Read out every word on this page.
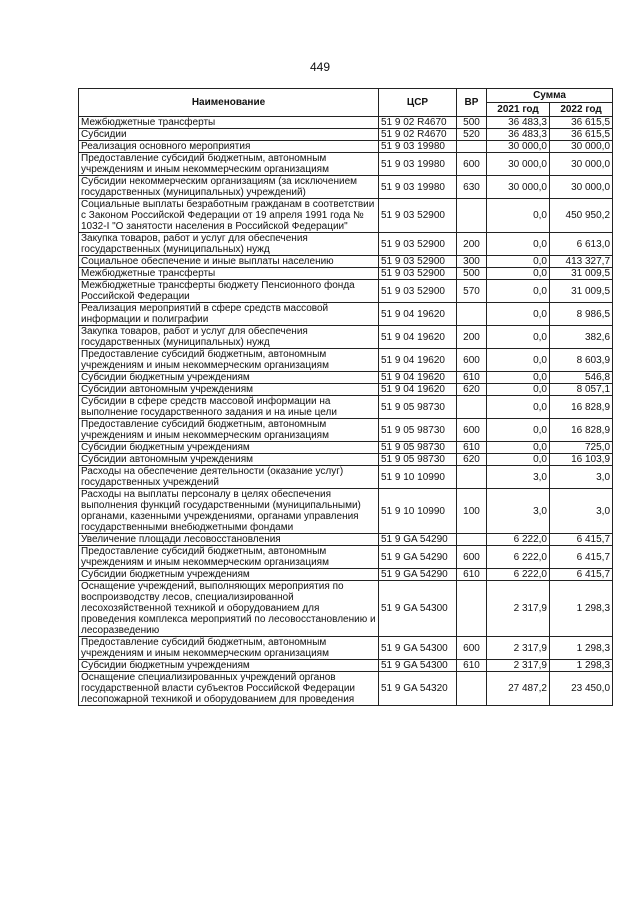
449
Наименование	ЦСР	ВР	Сумма	
			2021 год	2022 год
Межбюджетные трансферты	51 9 02 R4670	500	36 483,3	36 615,5
Субсидии	51 9 02 R4670	520	36 483,3	36 615,5
Реализация основного мероприятия	51 9 03 19980		30 000,0	30 000,0
Предоставление субсидий бюджетным, автономным учреждениям и иным некоммерческим организациям	51 9 03 19980	600	30 000,0	30 000,0
Субсидии некоммерческим организациям (за исключением государственных (муниципальных) учреждений)	51 9 03 19980	630	30 000,0	30 000,0
Социальные выплаты безработным гражданам в соответствии с Законом Российской Федерации от 19 апреля 1991 года № 1032-I "О занятости населения в Российской Федерации"	51 9 03 52900		0,0	450 950,2
Закупка товаров, работ и услуг для обеспечения государственных (муниципальных) нужд	51 9 03 52900	200	0,0	6 613,0
Социальное обеспечение и иные выплаты населению	51 9 03 52900	300	0,0	413 327,7
Межбюджетные трансферты	51 9 03 52900	500	0,0	31 009,5
Межбюджетные трансферты бюджету Пенсионного фонда Российской Федерации	51 9 03 52900	570	0,0	31 009,5
Реализация мероприятий в сфере средств массовой информации и полиграфии	51 9 04 19620		0,0	8 986,5
Закупка товаров, работ и услуг для обеспечения государственных (муниципальных) нужд	51 9 04 19620	200	0,0	382,6
Предоставление субсидий бюджетным, автономным учреждениям и иным некоммерческим организациям	51 9 04 19620	600	0,0	8 603,9
Субсидии бюджетным учреждениям	51 9 04 19620	610	0,0	546,8
Субсидии автономным учреждениям	51 9 04 19620	620	0,0	8 057,1
Субсидии в сфере средств массовой информации на выполнение государственного задания и на иные цели	51 9 05 98730		0,0	16 828,9
Предоставление субсидий бюджетным, автономным учреждениям и иным некоммерческим организациям	51 9 05 98730	600	0,0	16 828,9
Субсидии бюджетным учреждениям	51 9 05 98730	610	0,0	725,0
Субсидии автономным учреждениям	51 9 05 98730	620	0,0	16 103,9
Расходы на обеспечение деятельности (оказание услуг) государственных учреждений	51 9 10 10990		3,0	3,0
Расходы на выплаты персоналу в целях обеспечения выполнения функций государственными (муниципальными) органами, казенными учреждениями, органами управления государственными внебюджетными фондами	51 9 10 10990	100	3,0	3,0
Увеличение площади лесовосстановления	51 9 GA 54290		6 222,0	6 415,7
Предоставление субсидий бюджетным, автономным учреждениям и иным некоммерческим организациям	51 9 GA 54290	600	6 222,0	6 415,7
Субсидии бюджетным учреждениям	51 9 GA 54290	610	6 222,0	6 415,7
Оснащение учреждений, выполняющих мероприятия по воспроизводству лесов, специализированной лесохозяйственной техникой и оборудованием для проведения комплекса мероприятий по лесовосстановлению и лесоразведению	51 9 GA 54300		2 317,9	1 298,3
Предоставление субсидий бюджетным, автономным учреждениям и иным некоммерческим организациям	51 9 GA 54300	600	2 317,9	1 298,3
Субсидии бюджетным учреждениям	51 9 GA 54300	610	2 317,9	1 298,3
Оснащение специализированных учреждений органов государственной власти субъектов Российской Федерации лесопожарной техникой и оборудованием для проведения	51 9 GA 54320		27 487,2	23 450,0
